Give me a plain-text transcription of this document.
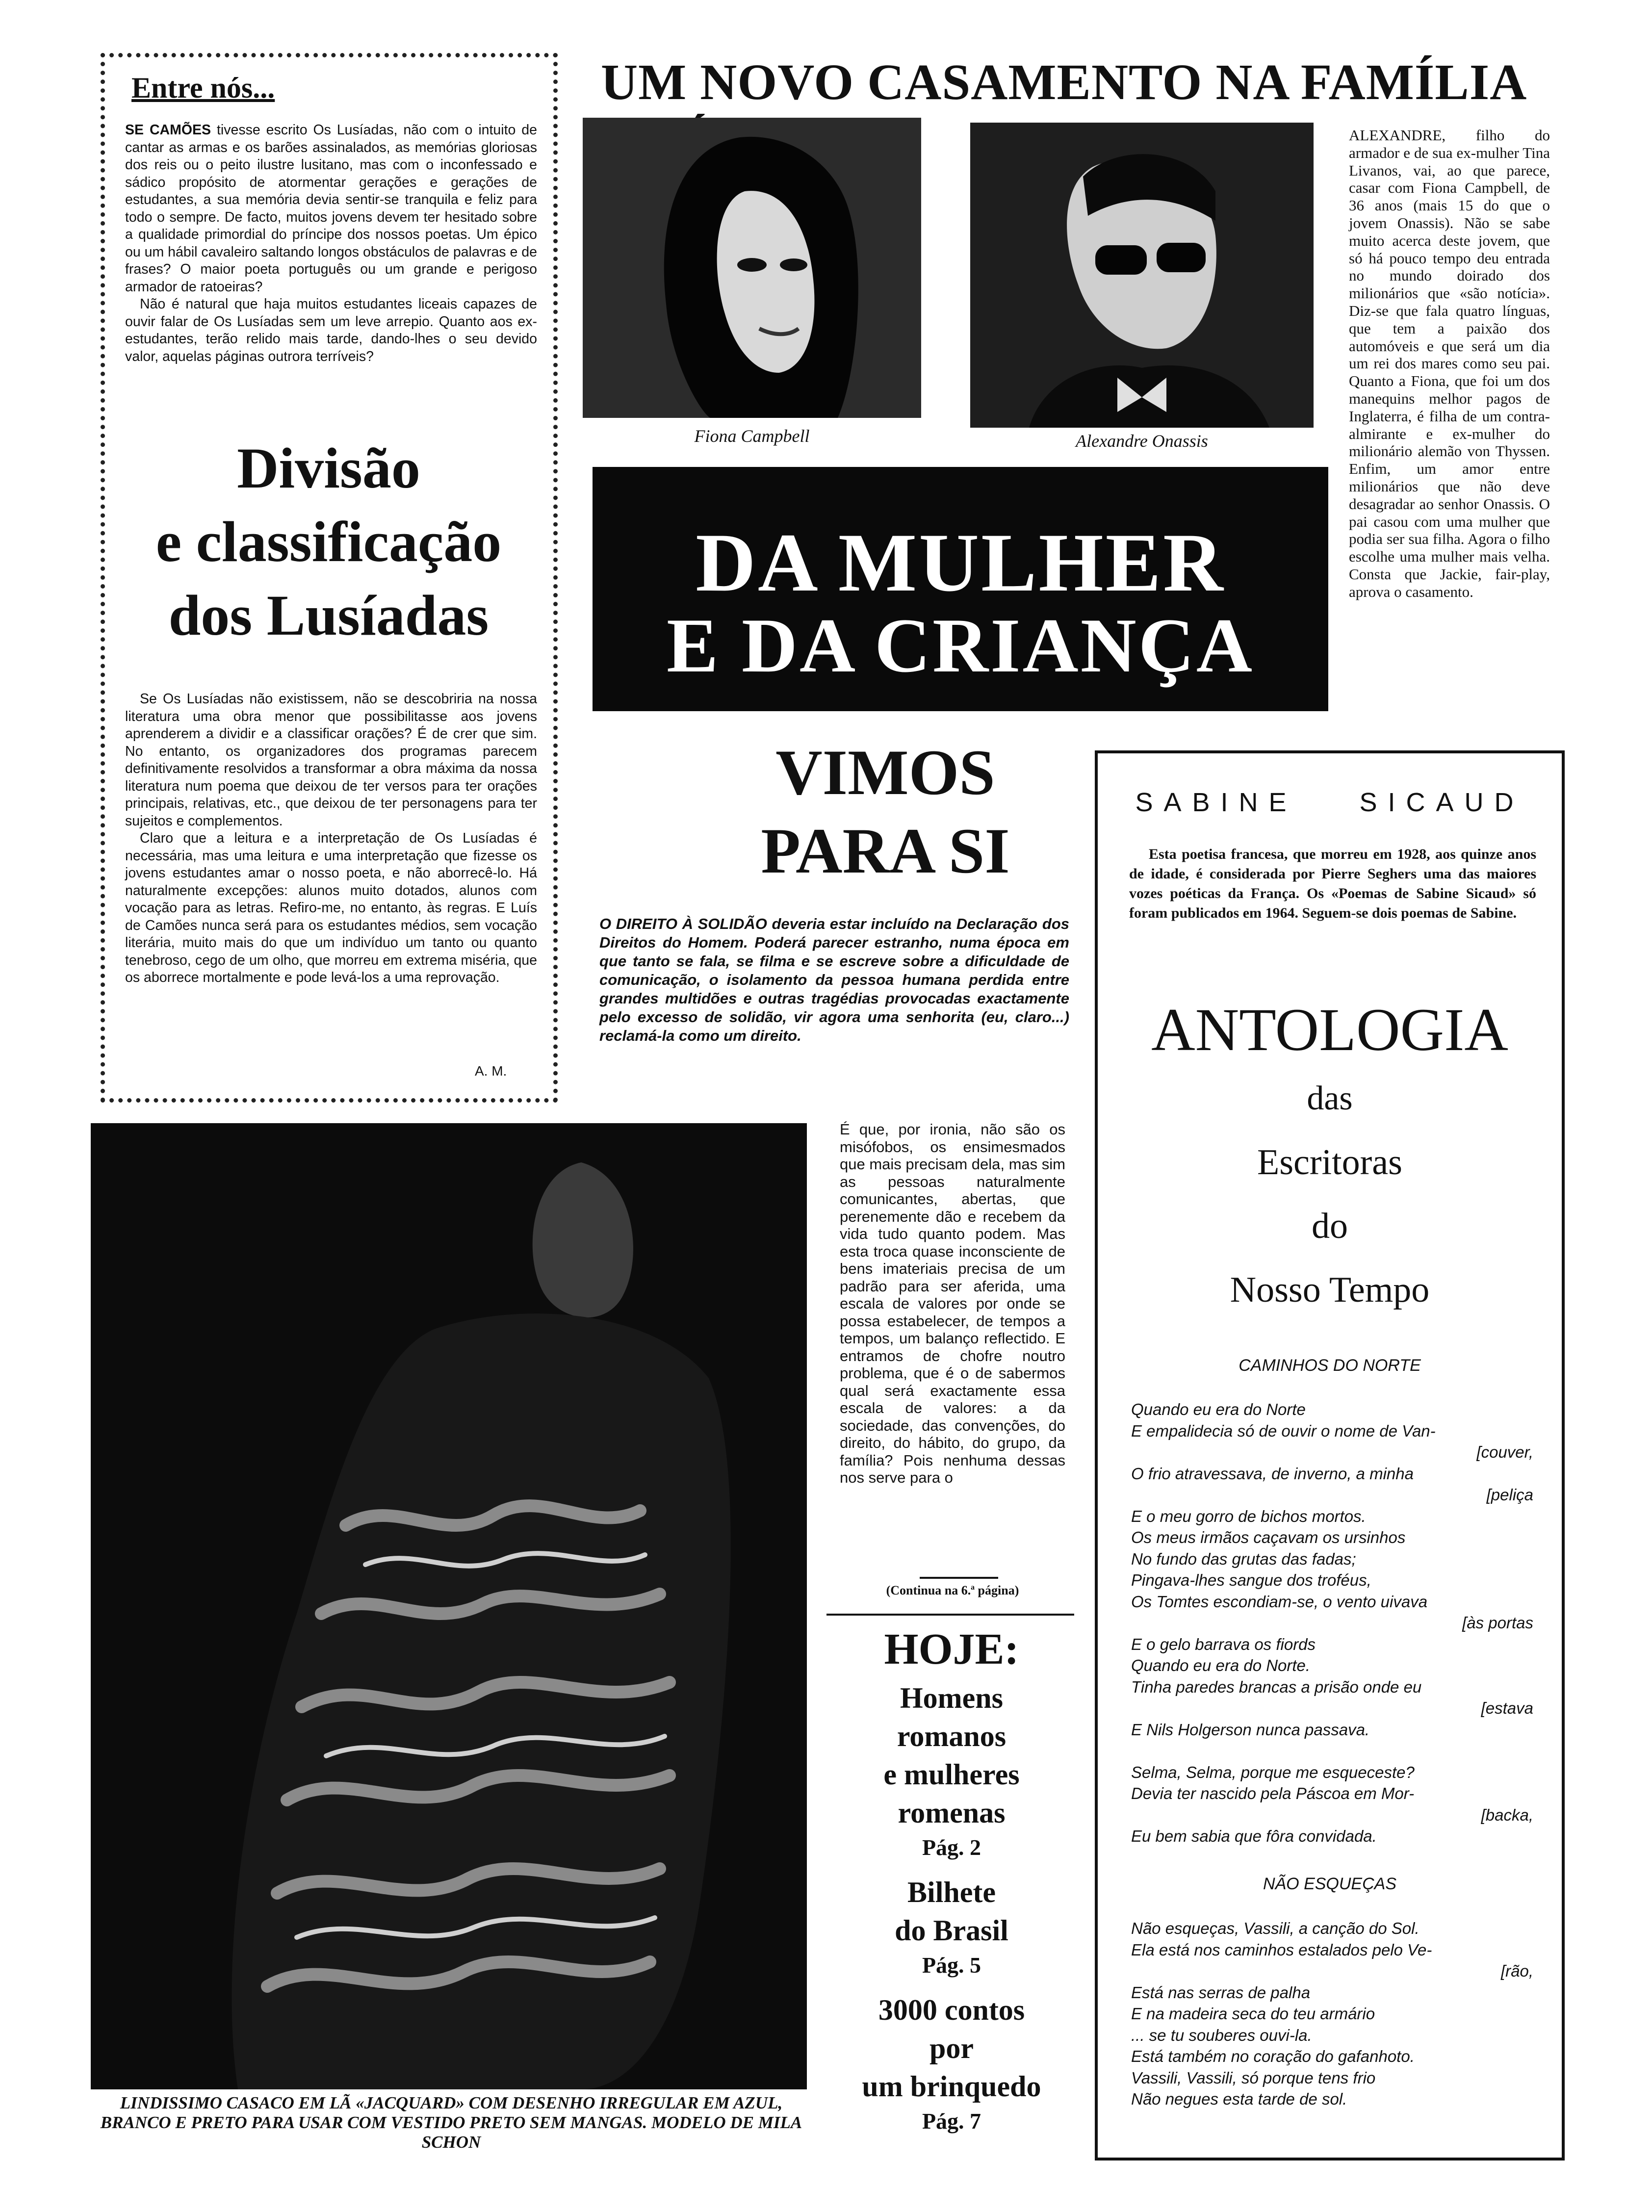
UM NOVO CASAMENTO NA FAMÍLIA
Entre nós...

SE CAMÕES tivesse escrito Os Lusíadas, não com o intuito de cantar as armas e os barões assinalados, as memórias gloriosas dos reis ou o peito ilustre lusitano, mas com o inconfessado e sádico propósito de atormentar gerações e gerações de estudantes, a sua memória devia sentir-se tranquila e feliz para todo o sempre. De facto, muitos jovens devem ter hesitado sobre a qualidade primordial do príncipe dos nossos poetas. Um épico ou um hábil cavaleiro saltando longos obstáculos de palavras e de frases? O maior poeta português ou um grande e perigoso armador de ratoeiras?

Não é natural que haja muitos estudantes liceais capazes de ouvir falar de Os Lusíadas sem um leve arrepio. Quanto aos ex-estudantes, terão relido mais tarde, dando-lhes o seu devido valor, aquelas páginas outrora terríveis?

Divisão
e classificação
dos Lusíadas

Se Os Lusíadas não existissem, não se descobriria na nossa literatura uma obra menor que possibilitasse aos jovens aprenderem a dividir e a classificar orações? É de crer que sim. No entanto, os organizadores dos programas parecem definitivamente resolvidos a transformar a obra máxima da nossa literatura num poema que deixou de ter versos para ter orações principais, relativas, etc., que deixou de ter personagens para ter sujeitos e complementos.

Claro que a leitura e a interpretação de Os Lusíadas é necessária, mas uma leitura e uma interpretação que fizesse os jovens estudantes amar o nosso poeta, e não aborrecê-lo. Há naturalmente excepções: alunos muito dotados, alunos com vocação para as letras. Refiro-me, no entanto, às regras. E Luís de Camões nunca será para os estudantes médios, sem vocação literária, muito mais do que um indivíduo um tanto ou quanto tenebroso, cego de um olho, que morreu em extrema miséria, que os aborrece mortalmente e pode levá-los a uma reprovação.

A. M.
Fiona Campbell	Alexandre Onassis
ALEXANDRE, filho do armador e de sua ex-mulher Tina Livanos, vai, ao que parece, casar com Fiona Campbell, de 36 anos (mais 15 do que o jovem Onassis). Não se sabe muito acerca deste jovem, que só há pouco tempo deu entrada no mundo doirado dos milionários que «são notícia». Diz-se que fala quatro línguas, que tem a paixão dos automóveis e que será um dia um rei dos mares como seu pai. Quanto a Fiona, que foi um dos manequins melhor pagos de Inglaterra, é filha de um contra-almirante e ex-mulher do milionário alemão von Thyssen. Enfim, um amor entre milionários que não deve desagradar ao senhor Onassis. O pai casou com uma mulher que podia ser sua filha. Agora o filho escolhe uma mulher mais velha. Consta que Jackie, fair-play, aprova o casamento.
DA MULHER
E DA CRIANÇA
VIMOS
PARA SI
O DIREITO À SOLIDÃO deveria estar incluído na Declaração dos Direitos do Homem. Poderá parecer estranho, numa época em que tanto se fala, se filma e se escreve sobre a dificuldade de comunicação, o isolamento da pessoa humana perdida entre grandes multidões e outras tragédias provocadas exactamente pelo excesso de solidão, vir agora uma senhorita (eu, claro...) reclamá-la como um direito.
É que, por ironia, não são os misófobos, os ensimesmados que mais precisam dela, mas sim as pessoas naturalmente comunicantes, abertas, que perenemente dão e recebem da vida tudo quanto podem. Mas esta troca quase inconsciente de bens imateriais precisa de um padrão para ser aferida, uma escala de valores por onde se possa estabelecer, de tempos a tempos, um balanço reflectido. E entramos de chofre noutro problema, que é o de sabermos qual será exactamente essa escala de valores: a da sociedade, das convenções, do direito, do hábito, do grupo, da família? Pois nenhuma dessas nos serve para o
(Continua na 6.ª página)
LINDISSIMO CASACO EM LÃ «JACQUARD» COM DESENHO IRREGULAR EM AZUL, BRANCO E PRETO PARA USAR COM VESTIDO PRETO SEM MANGAS. MODELO DE MILA SCHON
HOJE:
Homens
romanos
e mulheres
romenas
Pág. 2
Bilhete
do Brasil
Pág. 5
3000 contos
por
um brinquedo
Pág. 7
SABINE SICAUD
Esta poetisa francesa, que morreu em 1928, aos quinze anos de idade, é considerada por Pierre Seghers uma das maiores vozes poéticas da França. Os «Poemas de Sabine Sicaud» só foram publicados em 1964. Seguem-se dois poemas de Sabine.
ANTOLOGIA
das
Escritoras
do
Nosso Tempo
CAMINHOS DO NORTE
Quando eu era do Norte
E empalidecia só de ouvir o nome de Van-
[couver,
O frio atravessava, de inverno, a minha
[peliça
E o meu gorro de bichos mortos.
Os meus irmãos caçavam os ursinhos
No fundo das grutas das fadas;
Pingava-lhes sangue dos troféus,
Os Tomtes escondiam-se, o vento uivava
[às portas
E o gelo barrava os fiords
Quando eu era do Norte.
Tinha paredes brancas a prisão onde eu
[estava
E Nils Holgerson nunca passava.

Selma, Selma, porque me esqueceste?
Devia ter nascido pela Páscoa em Mor-
[backa,
Eu bem sabia que fôra convidada.
NÃO ESQUEÇAS
Não esqueças, Vassili, a canção do Sol.
Ela está nos caminhos estalados pelo Ve-
[rão,
Está nas serras de palha
E na madeira seca do teu armário
... se tu souberes ouvi-la.
Está também no coração do gafanhoto.
Vassili, Vassili, só porque tens frio
Não negues esta tarde de sol.
